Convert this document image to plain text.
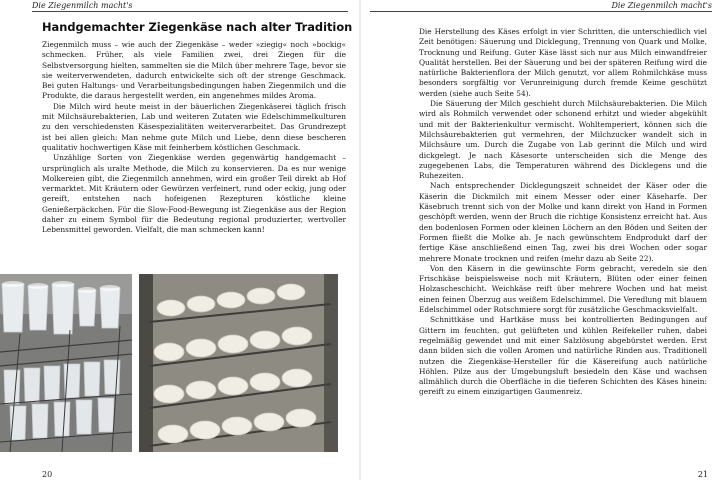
Die Ziegenmilch macht's
Handgemachter Ziegenkäse nach alter Tradition

Ziegenmilch muss – wie auch der Ziegenkäse – weder »ziegig« noch »bockig« schmecken. Früher, als viele Familien zwei, drei Ziegen für die Selbstversorgung hielten, sammelten sie die Milch über mehrere Tage, bevor sie sie weiterverwendeten, dadurch entwickelte sich oft der strenge Geschmack. Bei guten Haltungs- und Verarbeitungsbedingungen haben Ziegenmilch und die Produkte, die daraus hergestellt werden, ein angenehmes mildes Aroma.

Die Milch wird heute meist in der bäuerlichen Ziegenkäserei täglich frisch mit Milchsäurebakterien, Lab und weiteren Zutaten wie Edelschimmelkulturen zu den verschiedensten Käsespezialitäten weiterverarbeitet. Das Grundrezept ist bei allen gleich: Man nehme gute Milch und Liebe, denn diese bescheren qualitativ hochwertigen Käse mit feinherbem köstlichen Geschmack.

Unzählige Sorten von Ziegenkäse werden gegenwärtig handgemacht – ursprünglich als uralte Methode, die Milch zu konservieren. Da es nur wenige Molkereien gibt, die Ziegenmilch annehmen, wird ein großer Teil direkt ab Hof vermarktet. Mit Kräutern oder Gewürzen verfeinert, rund oder eckig, jung oder gereift, entstehen nach hofeigenen Rezepturen köstliche kleine Genießerpäckchen. Für die Slow-Food-Bewegung ist Ziegenkäse aus der Region daher zu einem Symbol für die Bedeutung regional produzierter, wertvoller Lebensmittel geworden. Vielfalt, die man schmecken kann!

20
Die Ziegenmilch macht's

Die Herstellung des Käses erfolgt in vier Schritten, die unterschiedlich viel Zeit benötigen: Säuerung und Dicklegung, Trennung von Quark und Molke, Trocknung und Reifung. Guter Käse lässt sich nur aus Milch einwandfreier Qualität herstellen. Bei der Säuerung und bei der späteren Reifung wird die natürliche Bakterienflora der Milch genutzt, vor allem Rohmilchkäse muss besonders sorgfältig vor Verunreinigung durch fremde Keime geschützt werden (siehe auch Seite 54).

Die Säuerung der Milch geschieht durch Milchsäurebakterien. Die Milch wird als Rohmilch verwendet oder schonend erhitzt und wieder abgekühlt und mit der Bakterienkultur vermischt. Wohltemperiert, können sich die Milchsäurebakterien gut vermehren, der Milchzucker wandelt sich in Milchsäure um. Durch die Zugabe von Lab gerinnt die Milch und wird dickgelegt. Je nach Käsesorte unterscheiden sich die Menge des zugegebenen Labs, die Temperaturen während des Dicklegens und die Ruhezeiten.

Nach entsprechender Dicklegungszeit schneidet der Käser oder die Käserin die Dickmilch mit einem Messer oder einer Käseharfe. Der Käsebruch trennt sich von der Molke und kann direkt von Hand in Formen geschöpft werden, wenn der Bruch die richtige Konsistenz erreicht hat. Aus den bodenlosen Formen oder kleinen Löchern an den Böden und Seiten der Formen fließt die Molke ab. Je nach gewünschtem Endprodukt darf der fertige Käse anschließend einen Tag, zwei bis drei Wochen oder sogar mehrere Monate trocknen und reifen (mehr dazu ab Seite 22).

Von den Käsern in die gewünschte Form gebracht, veredeln sie den Frischkäse beispielsweise noch mit Kräutern, Blüten oder einer feinen Holzascheschicht. Weichkäse reift über mehrere Wochen und hat meist einen feinen Überzug aus weißem Edelschimmel. Die Veredlung mit blauem Edelschimmel oder Rotschmiere sorgt für zusätzliche Geschmacksvielfalt.

Schnittkäse und Hartkäse muss bei kontrollierten Bedingungen auf Gittern im feuchten, gut gelüfteten und kühlen Reifekeller ruhen, dabei regelmäßig gewendet und mit einer Salzlösung abgebürstet werden. Erst dann bilden sich die vollen Aromen und natürliche Rinden aus. Traditionell nutzen die Ziegenkäse-Hersteller für die Käsereifung auch natürliche Höhlen. Pilze aus der Umgebungsluft besiedeln den Käse und wachsen allmählich durch die Oberfläche in die tieferen Schichten des Käses hinein: gereift zu einem einzigartigen Gaumenreiz.

21
